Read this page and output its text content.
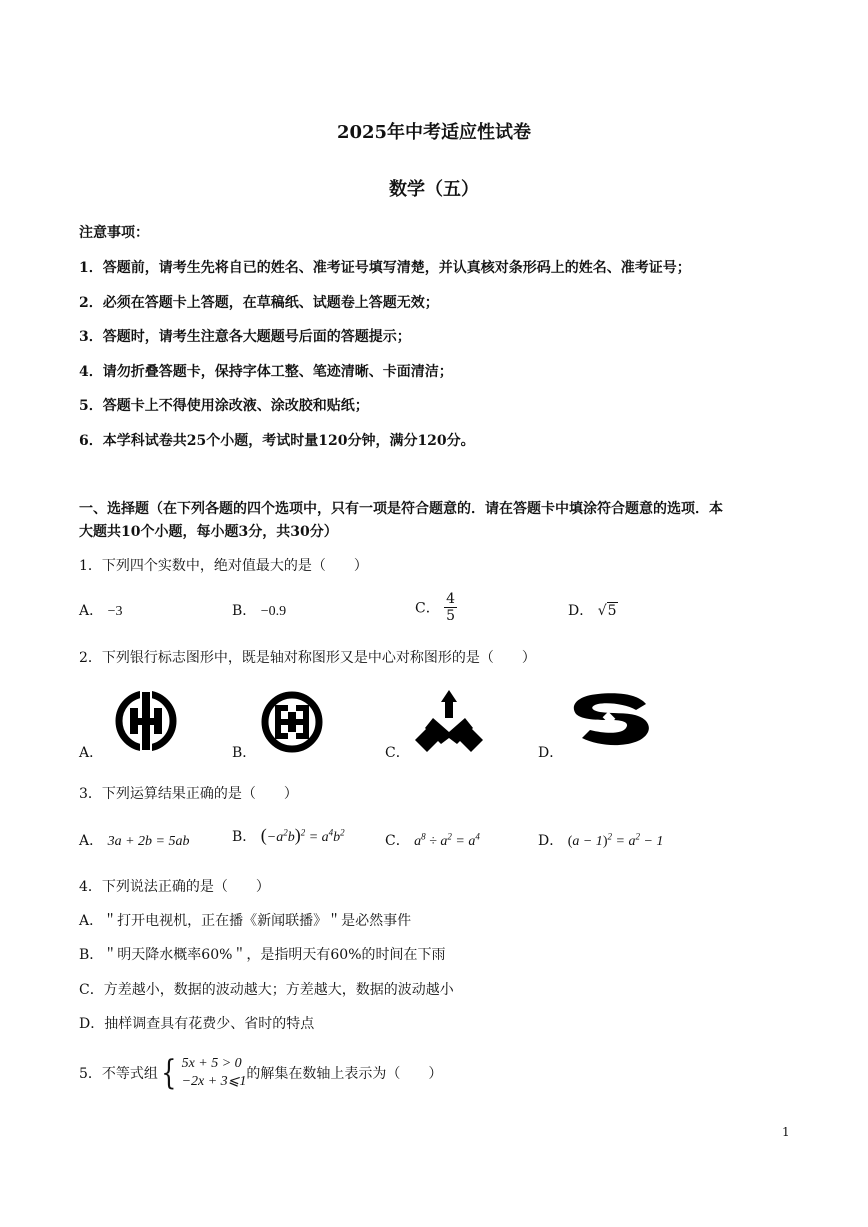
2025年中考适应性试卷
数学（五）
注意事项：
1．答题前，请考生先将自已的姓名、准考证号填写清楚，并认真核对条形码上的姓名、准考证号；
2．必须在答题卡上答题，在草稿纸、试题卷上答题无效；
3．答题时，请考生注意各大题题号后面的答题提示；
4．请勿折叠答题卡，保持字体工整、笔迹清晰、卡面清洁；
5．答题卡上不得使用涂改液、涂改胶和贴纸；
6．本学科试卷共25个小题，考试时量120分钟，满分120分。
一、选择题（在下列各题的四个选项中，只有一项是符合题意的．请在答题卡中填涂符合题意的选项．本
大题共10个小题，每小题3分，共30分）
1．下列四个实数中，绝对值最大的是（　　）
A． −3	B． −0.9	C． $\frac{4}{5}$	D． √5
2．下列银行标志图形中，既是轴对称图形又是中心对称图形的是（　　）
A．	B．	C．	D．
3．下列运算结果正确的是（　　）
A． 3a + 2b = 5ab	B． $(-a^2b)^2 = a^4b^2$
C． $a^8 \div a^2 = a^4$	D． $(a - 1)^2 = a^2 - 1$
4．下列说法正确的是（　　）
A．＂打开电视机，正在播《新闻联播》＂是必然事件
B．＂明天降水概率60%＂，是指明天有60%的时间在下雨
C．方差越小，数据的波动越大；方差越大，数据的波动越小
D．抽样调查具有花费少、省时的特点
5．不等式组{ 5x + 5 > 0
−2x + 3⩽1 的解集在数轴上表示为（　　）
1
